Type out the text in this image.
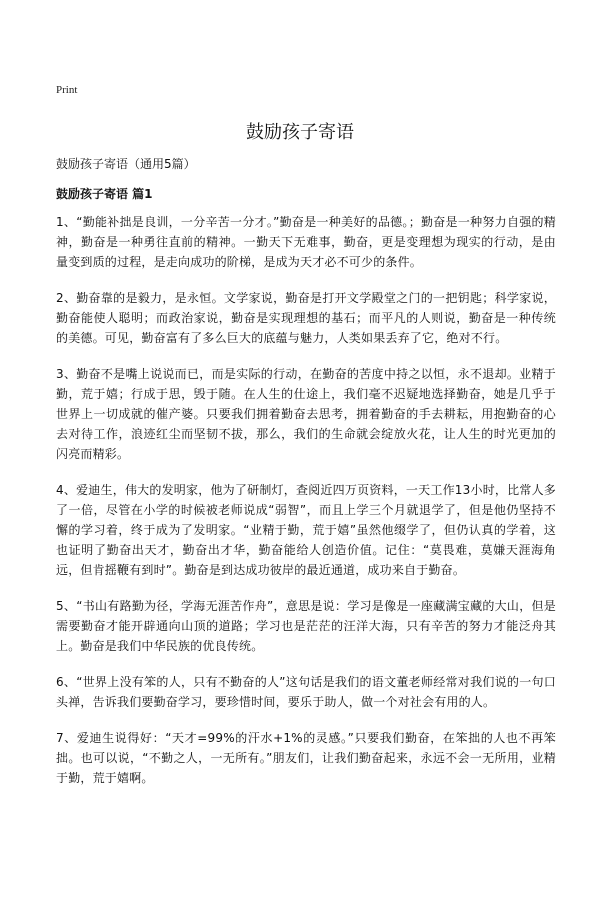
Print
鼓励孩子寄语
鼓励孩子寄语（通用5篇）
鼓励孩子寄语 篇1

1、“勤能补拙是良训，一分辛苦一分才。”勤奋是一种美好的品德。；勤奋是一种努力自强的精神，勤奋是一种勇往直前的精神。一勤天下无难事，勤奋，更是变理想为现实的行动，是由量变到质的过程，是走向成功的阶梯，是成为天才必不可少的条件。

2、勤奋靠的是毅力，是永恒。文学家说，勤奋是打开文学殿堂之门的一把钥匙；科学家说，勤奋能使人聪明；而政治家说，勤奋是实现理想的基石；而平凡的人则说，勤奋是一种传统的美德。可见，勤奋富有了多么巨大的底蕴与魅力，人类如果丢弃了它，绝对不行。

3、勤奋不是嘴上说说而已，而是实际的行动，在勤奋的苦度中持之以恒，永不退却。业精于勤，荒于嬉；行成于思，毁于随。在人生的仕途上，我们毫不迟疑地选择勤奋，她是几乎于世界上一切成就的催产婆。只要我们拥着勤奋去思考，拥着勤奋的手去耕耘，用抱勤奋的心去对待工作，浪迹红尘而坚韧不拔，那么，我们的生命就会绽放火花，让人生的时光更加的闪亮而精彩。

4、爱迪生，伟大的发明家，他为了研制灯，查阅近四万页资料，一天工作13小时，比常人多了一倍，尽管在小学的时候被老师说成“弱智”，而且上学三个月就退学了，但是他仍坚持不懈的学习着，终于成为了发明家。“业精于勤，荒于嬉”虽然他缀学了，但仍认真的学着，这也证明了勤奋出天才，勤奋出才华，勤奋能给人创造价值。记住：“莫畏难，莫嫌天涯海角远，但肯摇鞭有到时”。勤奋是到达成功彼岸的最近通道，成功来自于勤奋。

5、“书山有路勤为径，学海无涯苦作舟”，意思是说：学习是像是一座藏满宝藏的大山，但是需要勤奋才能开辟通向山顶的道路；学习也是茫茫的汪洋大海，只有辛苦的努力才能泛舟其上。勤奋是我们中华民族的优良传统。

6、“世界上没有笨的人，只有不勤奋的人”这句话是我们的语文董老师经常对我们说的一句口头禅，告诉我们要勤奋学习，要珍惜时间，要乐于助人，做一个对社会有用的人。

7、爱迪生说得好：“天才=99%的汗水+1%的灵感。”只要我们勤奋，在笨拙的人也不再笨拙。也可以说，“不勤之人，一无所有。”朋友们，让我们勤奋起来，永远不会一无所用，业精于勤，荒于嬉啊。
